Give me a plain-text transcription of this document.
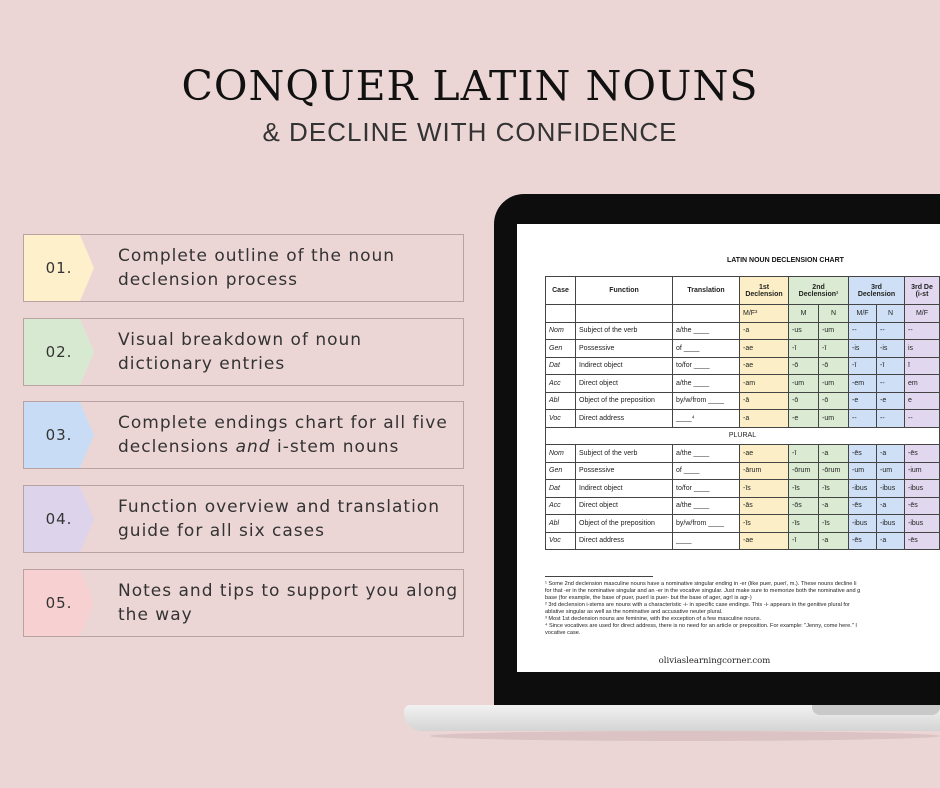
CONQUER LATIN NOUNS
& DECLINE WITH CONFIDENCE
01.
Complete outline of the noun declension process
02.
Visual breakdown of noun dictionary entries
03.
Complete endings chart for all five declensions and i-stem nouns
04.
Function overview and translation guide for all six cases
05.
Notes and tips to support you along the way
LATIN NOUN DECLENSION CHART
Case	Function	Translation	1st Declension	2nd Declension¹		3rd Declension		3rd De (i-st
			M/F³	M	N	M/F	N	M/F
Nom	Subject of the verb	a/the ____	-a	-us	-um	--	--	--
Gen	Possessive	of ____	-ae	-ī	-ī	-is	-is	is
Dat	Indirect object	to/for ____	-ae	-ō	-ō	-ī	-ī	ī
Acc	Direct object	a/the ____	-am	-um	-um	-em	--	em
Abl	Object of the preposition	by/w/from ____	-ā	-ō	-ō	-e	-e	e
Voc	Direct address	____⁴	-a	-e	-um	--	--	--
PLURAL								
Nom	Subject of the verb	a/the ____	-ae	-ī	-a	-ēs	-a	-ēs
Gen	Possessive	of ____	-ārum	-ōrum	-ōrum	-um	-um	-ium
Dat	Indirect object	to/for ____	-īs	-īs	-īs	-ibus	-ibus	-ibus
Acc	Direct object	a/the ____	-ās	-ōs	-a	-ēs	-a	-ēs
Abl	Object of the preposition	by/w/from ____	-īs	-īs	-īs	-ibus	-ibus	-ibus
Voc	Direct address	____	-ae	-ī	-a	-ēs	-a	-ēs

¹ Some 2nd declension masculine nouns have a nominative singular ending in -er (like puer, puerī, m.). These nouns decline li

for that -er in the nominative singular and an -er in the vocative singular. Just make sure to memorize both the nominative and g

base (for example, the base of puer, puerī is puer- but the base of ager, agrī is agr-)

² 3rd declension i-stems are nouns with a characteristic -i- in specific case endings. This -i- appears in the genitive plural for

ablative singular as well as the nominative and accusative neuter plural.

³ Most 1st declension nouns are feminine, with the exception of a few masculine nouns.

⁴ Since vocatives are used for direct address, there is no need for an article or preposition. For example: "Jenny, come here." I

vocative case.

oliviaslearningcorner.com
